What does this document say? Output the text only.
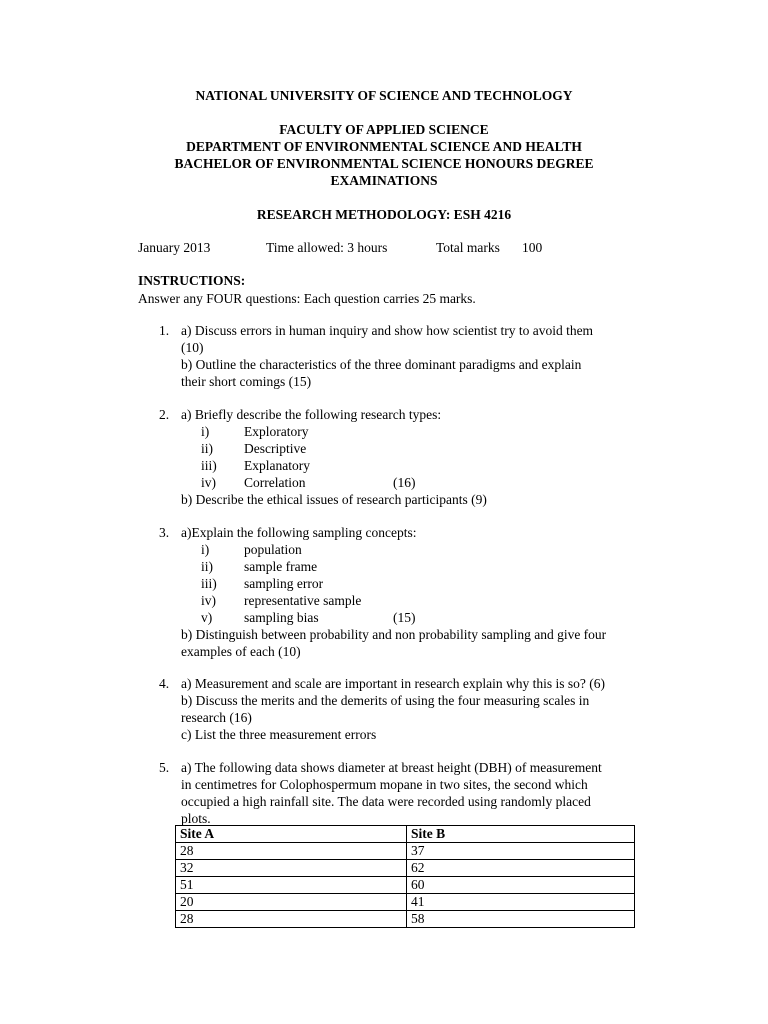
NATIONAL UNIVERSITY OF SCIENCE AND TECHNOLOGY
FACULTY OF APPLIED SCIENCE
DEPARTMENT OF ENVIRONMENTAL SCIENCE AND HEALTH
BACHELOR OF ENVIRONMENTAL SCIENCE HONOURS DEGREE
EXAMINATIONS
RESEARCH METHODOLOGY: ESH 4216
January 2013	Time allowed: 3 hours	Total marks 100
INSTRUCTIONS:
Answer any FOUR questions: Each question carries 25 marks.
1. a) Discuss errors in human inquiry and show how scientist try to avoid them
(10)
b) Outline the characteristics of the three dominant paradigms and explain
their short comings (15)
2. a) Briefly describe the following research types:
i)	Exploratory
ii) Descriptive
iii) Explanatory
iv) Correlation	(16)
b) Describe the ethical issues of research participants (9)
3. a)Explain the following sampling concepts:
i)	population
ii) sample frame
iii) sampling error
iv) representative sample
v) sampling bias	(15)
b) Distinguish between probability and non probability sampling and give four
examples of each (10)
4. a) Measurement and scale are important in research explain why this is so? (6)
b) Discuss the merits and the demerits of using the four measuring scales in
research (16)
c) List the three measurement errors
5. a) The following data shows diameter at breast height (DBH) of measurement
in centimetres for Colophospermum mopane in two sites, the second which
occupied a high rainfall site. The data were recorded using randomly placed
plots.
Site A	Site B
28	37
32	62
51	60
20	41
28	58
